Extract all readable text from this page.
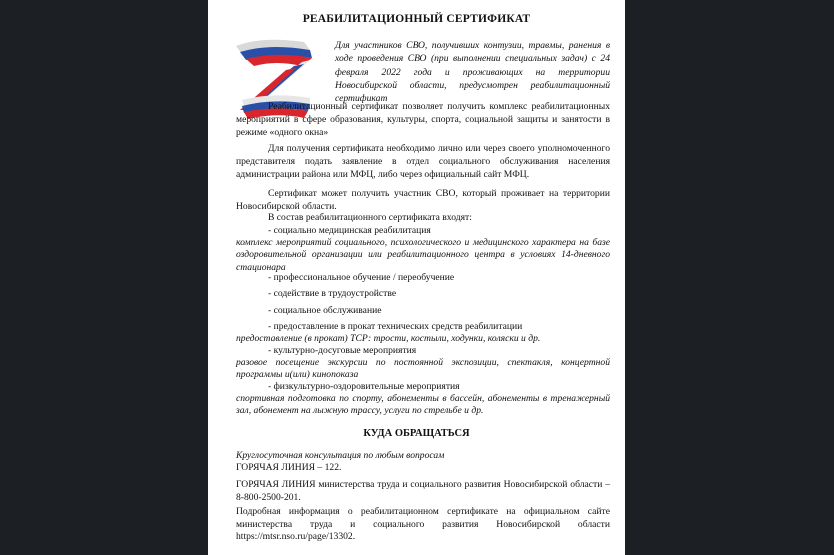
РЕАБИЛИТАЦИОННЫЙ СЕРТИФИКАТ
Для участников СВО, получивших контузии, травмы, ранения в ходе проведения СВО (при выполнении специальных задач) с 24 февраля 2022 года и проживающих на территории Новосибирской области, предусмотрен реабилитационный сертификат
Реабилитационный сертификат позволяет получить комплекс реабилитационных мероприятий в сфере образования, культуры, спорта, социальной защиты и занятости в режиме «одного окна»
Для получения сертификата необходимо лично или через своего уполномоченного представителя подать заявление в отдел социального обслуживания населения администрации района или МФЦ, либо через официальный сайт МФЦ.
Сертификат может получить участник СВО, который проживает на территории Новосибирской области.
В состав реабилитационного сертификата входят:
- социально медицинская реабилитация
комплекс мероприятий социального, психологического и медицинского характера на базе оздоровительной организации или реабилитационного центра в условиях 14-дневного стационара
- профессиональное обучение / переобучение
- содействие в трудоустройстве
- социальное обслуживание
- предоставление в прокат технических средств реабилитации
предоставление (в прокат) ТСР: трости, костыли, ходунки, коляски и др.
- культурно-досуговые мероприятия
разовое посещение экскурсии по постоянной экспозиции, спектакля, концертной программы и(или) кинопоказа
- физкультурно-оздоровительные мероприятия
спортивная подготовка по спорту, абонементы в бассейн, абонементы в тренажерный зал, абонемент на лыжную трассу, услуги по стрельбе и др.
КУДА ОБРАЩАТЬСЯ
Круглосуточная консультация по любым вопросам
ГОРЯЧАЯ ЛИНИЯ – 122.
ГОРЯЧАЯ ЛИНИЯ министерства труда и социального развития Новосибирской области – 8-800-2500-201.
Подробная информация о реабилитационном сертификате на официальном сайте министерства труда и социального развития Новосибирской области https://mtsr.nso.ru/page/13302.
